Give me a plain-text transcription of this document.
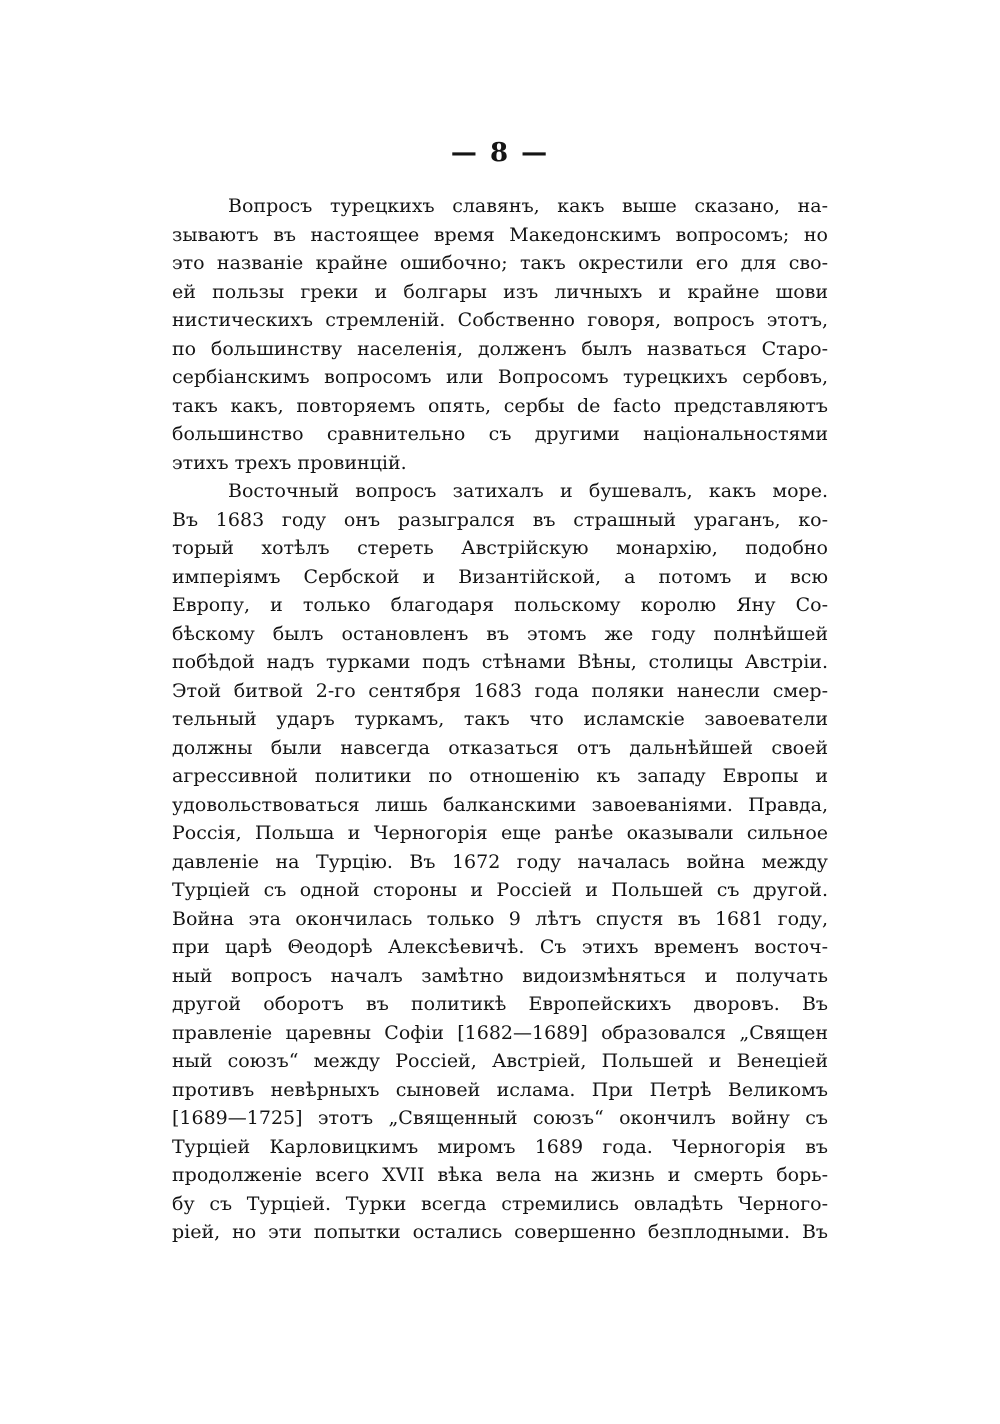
— 8 —
Вопросъ турецкихъ славянъ, какъ выше сказано, на-
зываютъ въ настоящее время Македонскимъ вопросомъ; но
это названіе крайне ошибочно; такъ окрестили его для сво-
ей пользы греки и болгары изъ личныхъ и крайне шови
нистическихъ стремленій. Собственно говоря, вопросъ этотъ,
по большинству населенія, долженъ былъ назваться Старо-
сербіанскимъ вопросомъ или Вопросомъ турецкихъ сербовъ,
такъ какъ, повторяемъ опять, сербы de facto представляютъ
большинство сравнительно съ другими національностями
этихъ трехъ провинцій.
Восточный вопросъ затихалъ и бушевалъ, какъ море.
Въ 1683 году онъ разыгрался въ страшный ураганъ, ко-
торый хотѣлъ стереть Австрійскую монархію, подобно
имперіямъ Сербской и Византійской, а потомъ и всю
Европу, и только благодаря польскому королю Яну Со-
бѣскому былъ остановленъ въ этомъ же году полнѣйшей
побѣдой надъ турками подъ стѣнами Вѣны, столицы Австріи.
Этой битвой 2-го сентября 1683 года поляки нанесли смер-
тельный ударъ туркамъ, такъ что исламскіе завоеватели
должны были навсегда отказаться отъ дальнѣйшей своей
агрессивной политики по отношенію къ западу Европы и
удовольствоваться лишь балканскими завоеваніями. Правда,
Россія, Польша и Черногорія еще ранѣе оказывали сильное
давленіе на Турцію. Въ 1672 году началась война между
Турціей съ одной стороны и Россіей и Польшей съ другой.
Война эта окончилась только 9 лѣтъ спустя въ 1681 году,
при царѣ Θеодорѣ Алексѣевичѣ. Съ этихъ временъ восточ-
ный вопросъ началъ замѣтно видоизмѣняться и получать
другой оборотъ въ политикѣ Европейскихъ дворовъ. Въ
правленіе царевны Софіи [1682—1689] образовался „Священ
ный союзъ“ между Россіей, Австріей, Польшей и Венеціей
противъ невѣрныхъ сыновей ислама. При Петрѣ Великомъ
[1689—1725] этотъ „Священный союзъ“ окончилъ войну съ
Турціей Карловицкимъ миромъ 1689 года. Черногорія въ
продолженіе всего XVII вѣка вела на жизнь и смерть борь-
бу съ Турціей. Турки всегда стремились овладѣть Черного-
ріей, но эти попытки остались совершенно безплодными. Въ
